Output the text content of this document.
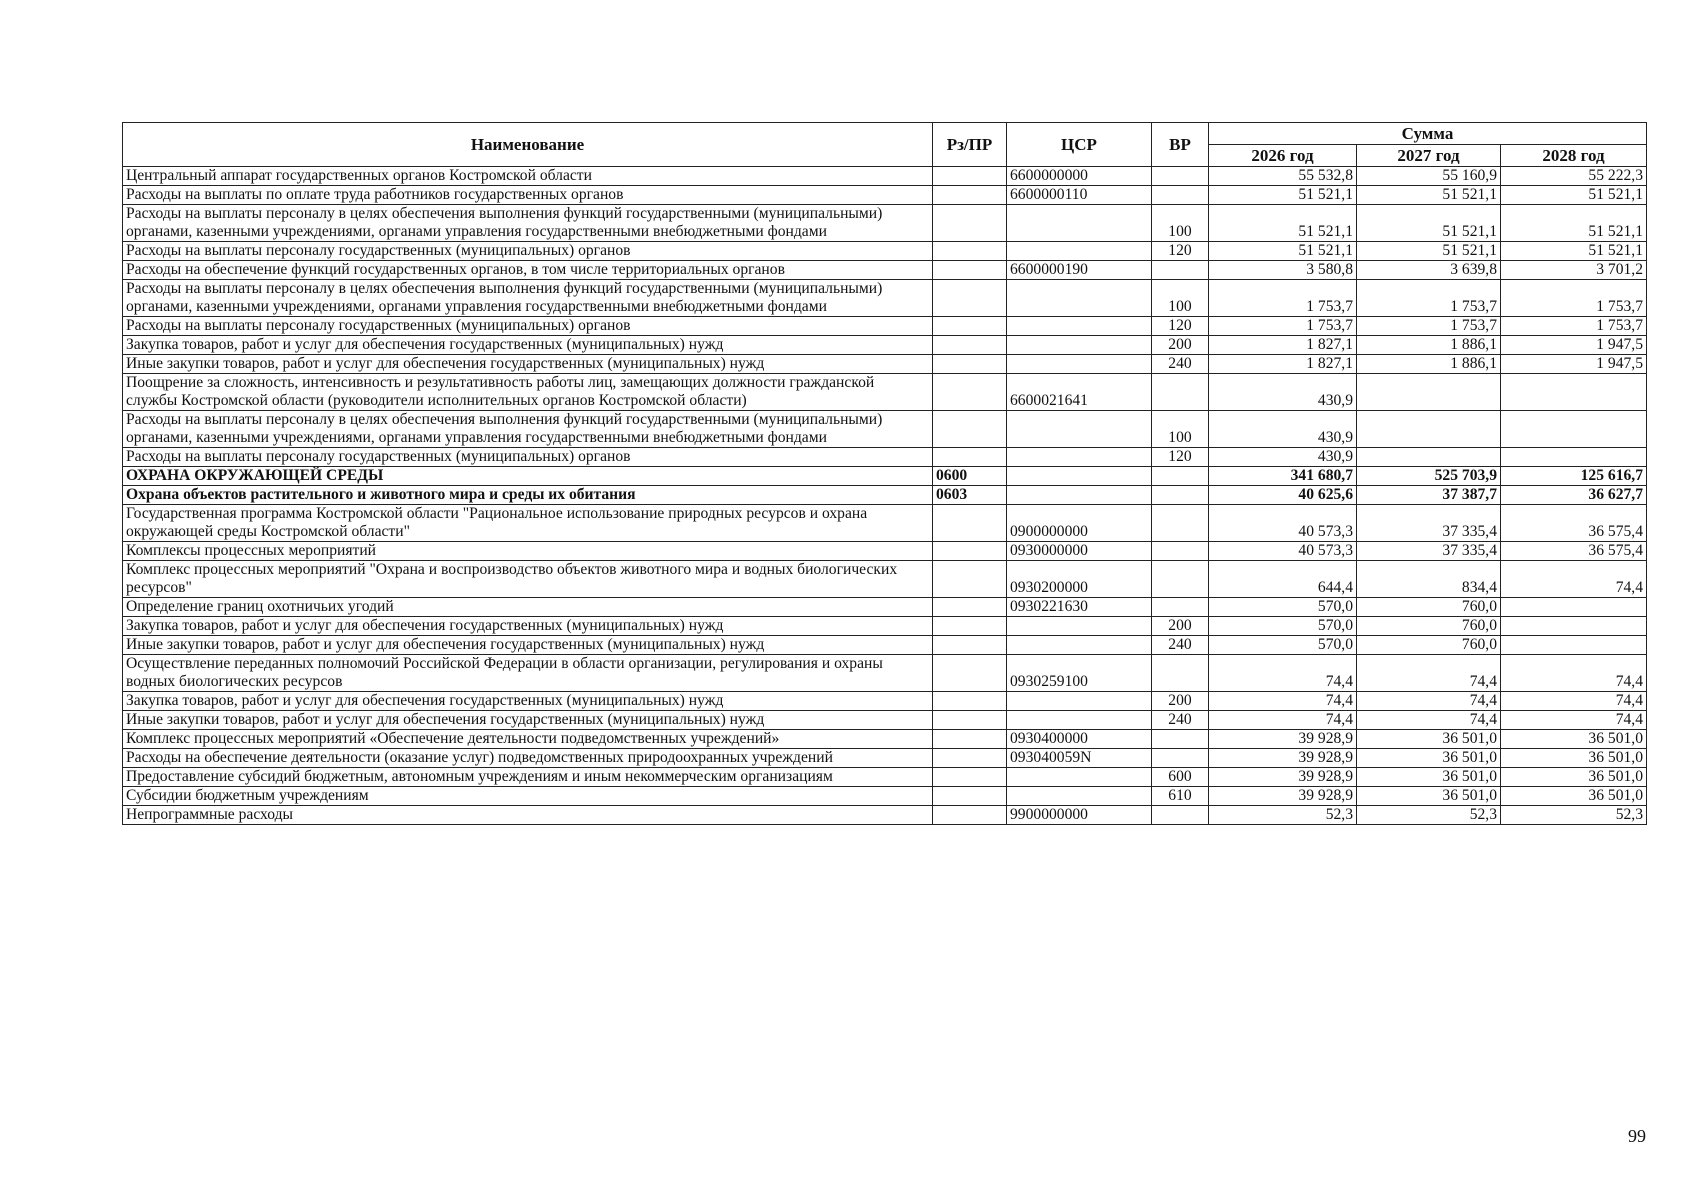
Наименование	Рз/ПР	ЦСР	ВР	Сумма		
				2026 год	2027 год	2028 год
Центральный аппарат государственных органов Костромской области		6600000000		55 532,8	55 160,9	55 222,3
Расходы на выплаты по оплате труда работников государственных органов		6600000110		51 521,1	51 521,1	51 521,1
Расходы на выплаты персоналу в целях обеспечения выполнения функций государственными (муниципальными) органами, казенными учреждениями, органами управления государственными внебюджетными фондами			100	51 521,1	51 521,1	51 521,1
Расходы на выплаты персоналу государственных (муниципальных) органов			120	51 521,1	51 521,1	51 521,1
Расходы на обеспечение функций государственных органов, в том числе территориальных органов		6600000190		3 580,8	3 639,8	3 701,2
Расходы на выплаты персоналу в целях обеспечения выполнения функций государственными (муниципальными) органами, казенными учреждениями, органами управления государственными внебюджетными фондами			100	1 753,7	1 753,7	1 753,7
Расходы на выплаты персоналу государственных (муниципальных) органов			120	1 753,7	1 753,7	1 753,7
Закупка товаров, работ и услуг для обеспечения государственных (муниципальных) нужд			200	1 827,1	1 886,1	1 947,5
Иные закупки товаров, работ и услуг для обеспечения государственных (муниципальных) нужд			240	1 827,1	1 886,1	1 947,5
Поощрение за сложность, интенсивность и результативность работы лиц, замещающих должности гражданской службы Костромской области (руководители исполнительных органов Костромской области)		6600021641		430,9		
Расходы на выплаты персоналу в целях обеспечения выполнения функций государственными (муниципальными) органами, казенными учреждениями, органами управления государственными внебюджетными фондами			100	430,9		
Расходы на выплаты персоналу государственных (муниципальных) органов			120	430,9		
ОХРАНА ОКРУЖАЮЩЕЙ СРЕДЫ	0600			341 680,7	525 703,9	125 616,7
Охрана объектов растительного и животного мира и среды их обитания	0603			40 625,6	37 387,7	36 627,7
Государственная программа Костромской области "Рациональное использование природных ресурсов и охрана окружающей среды Костромской области"		0900000000		40 573,3	37 335,4	36 575,4
Комплексы процессных мероприятий		0930000000		40 573,3	37 335,4	36 575,4
Комплекс процессных мероприятий "Охрана и воспроизводство объектов животного мира и водных биологических ресурсов"		0930200000		644,4	834,4	74,4
Определение границ охотничьих угодий		0930221630		570,0	760,0	
Закупка товаров, работ и услуг для обеспечения государственных (муниципальных) нужд			200	570,0	760,0	
Иные закупки товаров, работ и услуг для обеспечения государственных (муниципальных) нужд			240	570,0	760,0	
Осуществление переданных полномочий Российской Федерации в области организации, регулирования и охраны водных биологических ресурсов		0930259100		74,4	74,4	74,4
Закупка товаров, работ и услуг для обеспечения государственных (муниципальных) нужд			200	74,4	74,4	74,4
Иные закупки товаров, работ и услуг для обеспечения государственных (муниципальных) нужд			240	74,4	74,4	74,4
Комплекс процессных мероприятий «Обеспечение деятельности подведомственных учреждений»		0930400000		39 928,9	36 501,0	36 501,0
Расходы на обеспечение деятельности (оказание услуг) подведомственных природоохранных учреждений		093040059N		39 928,9	36 501,0	36 501,0
Предоставление субсидий бюджетным, автономным учреждениям и иным некоммерческим организациям			600	39 928,9	36 501,0	36 501,0
Субсидии бюджетным учреждениям			610	39 928,9	36 501,0	36 501,0
Непрограммные расходы		9900000000		52,3	52,3	52,3
99
